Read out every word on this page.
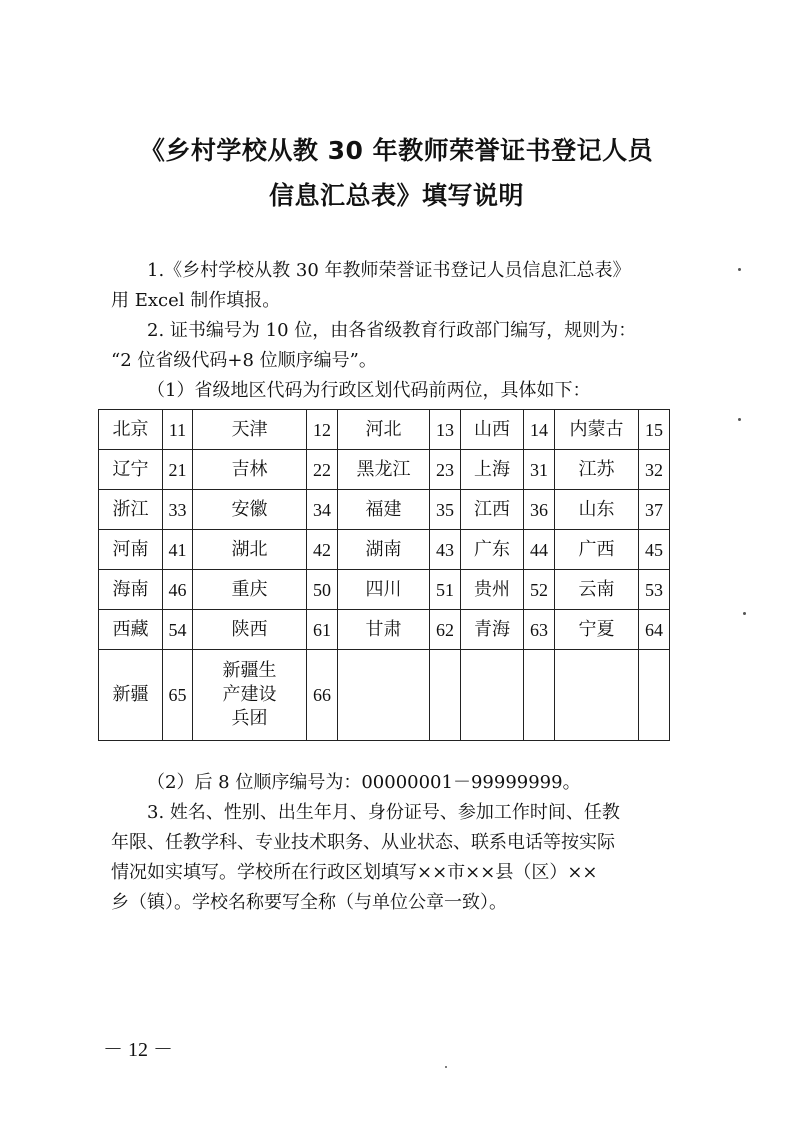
《乡村学校从教 30 年教师荣誉证书登记人员
信息汇总表》填写说明
1.《乡村学校从教 30 年教师荣誉证书登记人员信息汇总表》
用 Excel 制作填报。
2. 证书编号为 10 位，由各省级教育行政部门编写，规则为：
“2 位省级代码+8 位顺序编号”。
（1）省级地区代码为行政区划代码前两位，具体如下：
北京	11	天津	12	河北	13	山西	14	内蒙古	15
辽宁	21	吉林	22	黑龙江	23	上海	31	江苏	32
浙江	33	安徽	34	福建	35	江西	36	山东	37
河南	41	湖北	42	湖南	43	广东	44	广西	45
海南	46	重庆	50	四川	51	贵州	52	云南	53
西藏	54	陕西	61	甘肃	62	青海	63	宁夏	64
新疆	65	新疆生
产建设
兵团	66						
（2）后 8 位顺序编号为：00000001－99999999。
3. 姓名、性别、出生年月、身份证号、参加工作时间、任教
年限、任教学科、专业技术职务、从业状态、联系电话等按实际
情况如实填写。学校所在行政区划填写××市××县（区）××
乡（镇）。学校名称要写全称（与单位公章一致）。
－ 12 －
